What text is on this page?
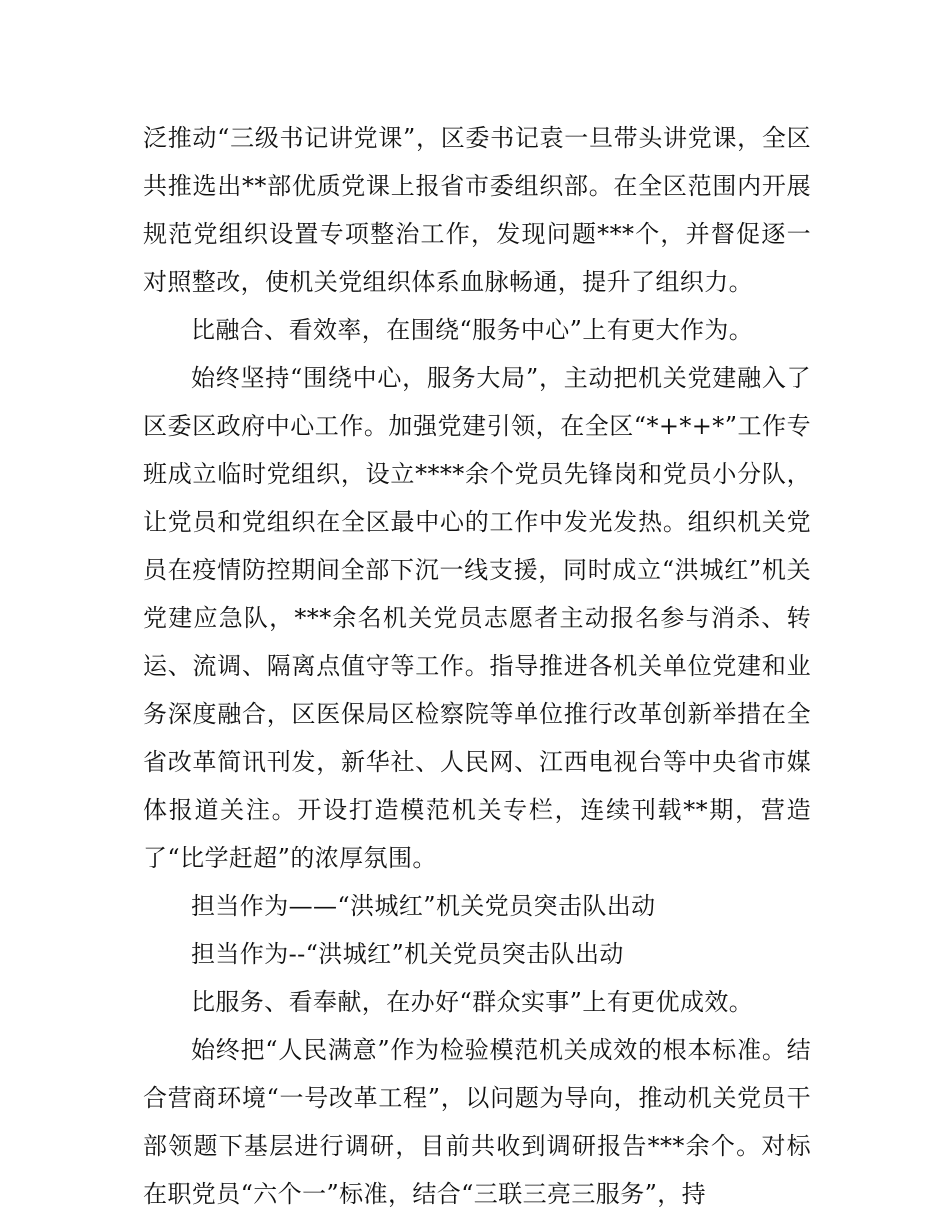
泛推动“三级书记讲党课”，区委书记袁一旦带头讲党课，全区共推选出**部优质党课上报省市委组织部。在全区范围内开展规范党组织设置专项整治工作，发现问题***个，并督促逐一对照整改，使机关党组织体系血脉畅通，提升了组织力。

比融合、看效率，在围绕“服务中心”上有更大作为。

始终坚持“围绕中心，服务大局”，主动把机关党建融入了区委区政府中心工作。加强党建引领，在全区“*+*+*”工作专班成立临时党组织，设立****余个党员先锋岗和党员小分队，让党员和党组织在全区最中心的工作中发光发热。组织机关党员在疫情防控期间全部下沉一线支援，同时成立“洪城红”机关党建应急队，***余名机关党员志愿者主动报名参与消杀、转运、流调、隔离点值守等工作。指导推进各机关单位党建和业务深度融合，区医保局区检察院等单位推行改革创新举措在全省改革简讯刊发，新华社、人民网、江西电视台等中央省市媒体报道关注。开设打造模范机关专栏，连续刊载**期，营造了“比学赶超”的浓厚氛围。

担当作为——“洪城红”机关党员突击队出动

担当作为--“洪城红”机关党员突击队出动

比服务、看奉献，在办好“群众实事”上有更优成效。

始终把“人民满意”作为检验模范机关成效的根本标准。结合营商环境“一号改革工程”，以问题为导向，推动机关党员干部领题下基层进行调研，目前共收到调研报告***余个。对标在职党员“六个一”标准，结合“三联三亮三服务”，持
